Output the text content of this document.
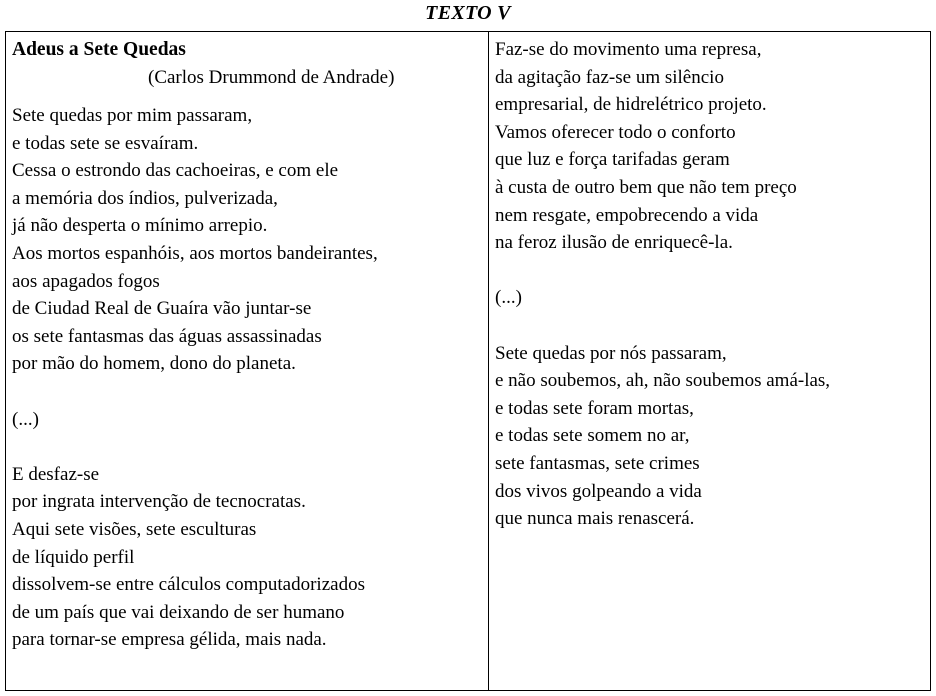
TEXTO V
Adeus a Sete Quedas
(Carlos Drummond de Andrade)
Sete quedas por mim passaram,
e todas sete se esvaíram.
Cessa o estrondo das cachoeiras, e com ele
a memória dos índios, pulverizada,
já não desperta o mínimo arrepio.
Aos mortos espanhóis, aos mortos bandeirantes,
aos apagados fogos
de Ciudad Real de Guaíra vão juntar-se
os sete fantasmas das águas assassinadas
por mão do homem, dono do planeta.

(...)

E desfaz-se
por ingrata intervenção de tecnocratas.
Aqui sete visões, sete esculturas
de líquido perfil
dissolvem-se entre cálculos computadorizados
de um país que vai deixando de ser humano
para tornar-se empresa gélida, mais nada.
Faz-se do movimento uma represa,
da agitação faz-se um silêncio
empresarial, de hidrelétrico projeto.
Vamos oferecer todo o conforto
que luz e força tarifadas geram
à custa de outro bem que não tem preço
nem resgate, empobrecendo a vida
na feroz ilusão de enriquecê-la.

(...)

Sete quedas por nós passaram,
e não soubemos, ah, não soubemos amá-las,
e todas sete foram mortas,
e todas sete somem no ar,
sete fantasmas, sete crimes
dos vivos golpeando a vida
que nunca mais renascerá.
